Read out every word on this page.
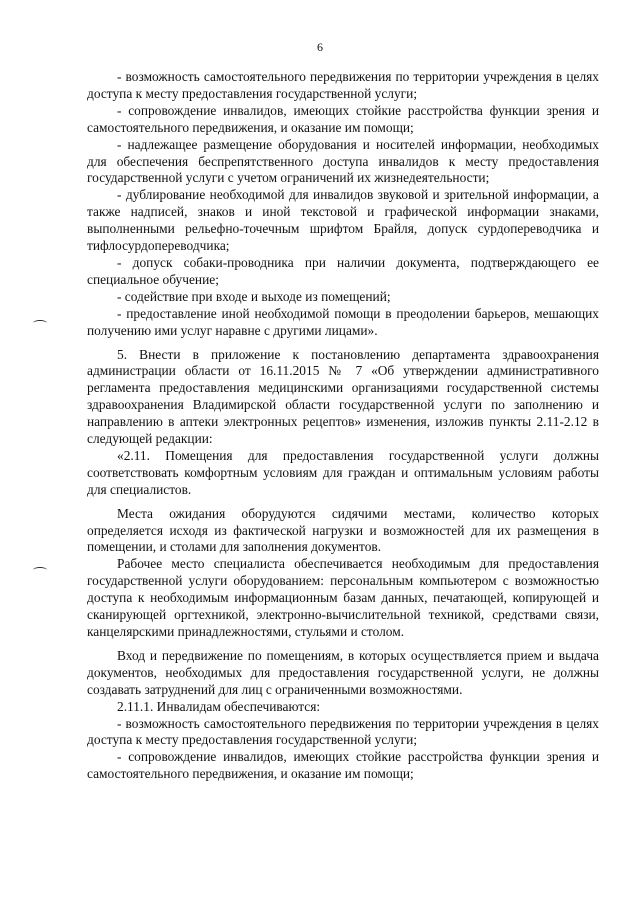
6

- возможность самостоятельного передвижения по территории учреждения в целях доступа к месту предоставления государственной услуги;

- сопровождение инвалидов, имеющих стойкие расстройства функции зрения и самостоятельного передвижения, и оказание им помощи;

- надлежащее размещение оборудования и носителей информации, необходимых для обеспечения беспрепятственного доступа инвалидов к месту предоставления государственной услуги с учетом ограничений их жизнедеятельности;

- дублирование необходимой для инвалидов звуковой и зрительной информации, а также надписей, знаков и иной текстовой и графической информации знаками, выполненными рельефно-точечным шрифтом Брайля, допуск сурдопереводчика и тифлосурдопереводчика;

- допуск собаки-проводника при наличии документа, подтверждающего ее специальное обучение;

- содействие при входе и выходе из помещений;

- предоставление иной необходимой помощи в преодолении барьеров, мешающих получению ими услуг наравне с другими лицами».

5. Внести в приложение к постановлению департамента здравоохранения администрации области от 16.11.2015 № 7 «Об утверждении административного регламента предоставления медицинскими организациями государственной системы здравоохранения Владимирской области государственной услуги по заполнению и направлению в аптеки электронных рецептов» изменения, изложив пункты 2.11-2.12 в следующей редакции:

«2.11. Помещения для предоставления государственной услуги должны соответствовать комфортным условиям для граждан и оптимальным условиям работы для специалистов.

Места ожидания оборудуются сидячими местами, количество которых определяется исходя из фактической нагрузки и возможностей для их размещения в помещении, и столами для заполнения документов.

Рабочее место специалиста обеспечивается необходимым для предоставления государственной услуги оборудованием: персональным компьютером с возможностью доступа к необходимым информационным базам данных, печатающей, копирующей и сканирующей оргтехникой, электронно-вычислительной техникой, средствами связи, канцелярскими принадлежностями, стульями и столом.

Вход и передвижение по помещениям, в которых осуществляется прием и выдача документов, необходимых для предоставления государственной услуги, не должны создавать затруднений для лиц с ограниченными возможностями.

2.11.1. Инвалидам обеспечиваются:

- возможность самостоятельного передвижения по территории учреждения в целях доступа к месту предоставления государственной услуги;

- сопровождение инвалидов, имеющих стойкие расстройства функции зрения и самостоятельного передвижения, и оказание им помощи;
